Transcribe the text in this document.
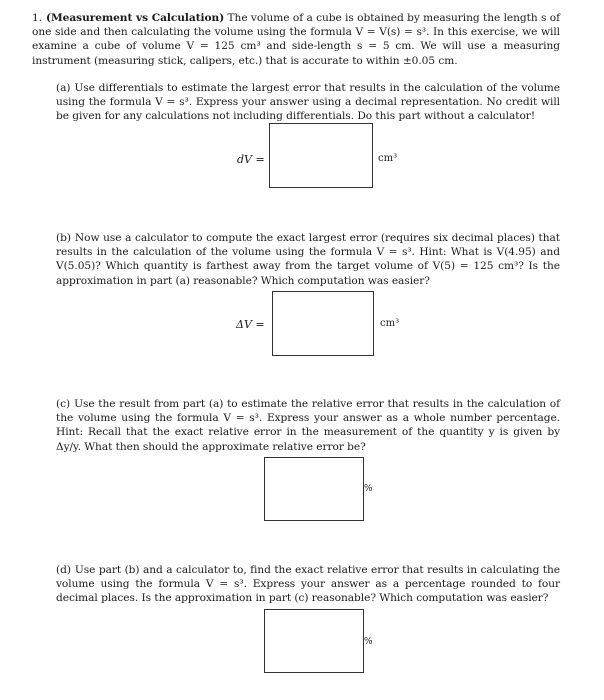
1. (Measurement vs Calculation) The volume of a cube is obtained by measuring the length s of one side and then calculating the volume using the formula V = V(s) = s³. In this exercise, we will examine a cube of volume V = 125 cm³ and side-length s = 5 cm. We will use a measuring instrument (measuring stick, calipers, etc.) that is accurate to within ±0.05 cm.
(a) Use differentials to estimate the largest error that results in the calculation of the volume using the formula V = s³. Express your answer using a decimal representation. No credit will be given for any calculations not including differentials. Do this part without a calculator!
dV =	cm³
(b) Now use a calculator to compute the exact largest error (requires six decimal places) that results in the calculation of the volume using the formula V = s³. Hint: What is V(4.95) and V(5.05)? Which quantity is farthest away from the target volume of V(5) = 125 cm³? Is the approximation in part (a) reasonable? Which computation was easier?
ΔV =	cm³
(c) Use the result from part (a) to estimate the relative error that results in the calculation of the volume using the formula V = s³. Express your answer as a whole number percentage. Hint: Recall that the exact relative error in the measurement of the quantity y is given by Δy/y. What then should the approximate relative error be?
%
(d) Use part (b) and a calculator to, find the exact relative error that results in calculating the volume using the formula V = s³. Express your answer as a percentage rounded to four decimal places. Is the approximation in part (c) reasonable? Which computation was easier?
%
